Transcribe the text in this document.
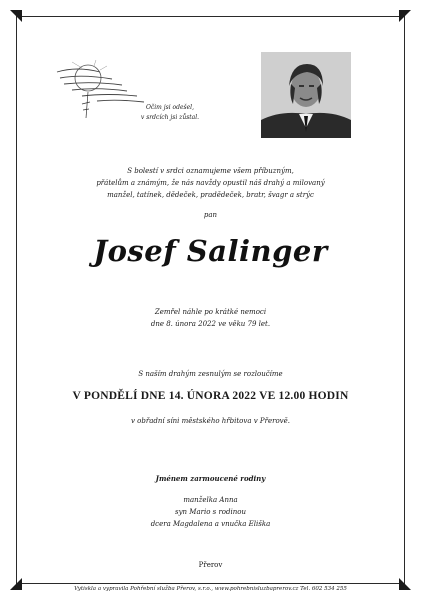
Očim jsi odešel,
v srdcích jsi zůstal.
S bolestí v srdci oznamujeme všem příbuzným,
přátelům a známým, že nás navždy opustil náš drahý a milovaný
manžel, tatínek, dědeček, pradědeček, bratr, švagr a strýc
pan
Josef Salinger
Zemřel náhle po krátké nemoci
dne 8. února 2022 ve věku 79 let.
S naším drahým zesnulým se rozloučíme
V PONDĚLÍ DNE 14. ÚNORA 2022 VE 12.00 HODIN
v obřadní síni městského hřbitova v Přerově.
Jménem zarmoucené rodiny
manželka Anna
syn Mario s rodinou
dcera Magdalena a vnučka Eliška
Přerov
Vytiskla a vypravila Pohřební služba Přerov, s.r.o., www.pohrebnisluzbaprerov.cz Tel. 602 534 255
